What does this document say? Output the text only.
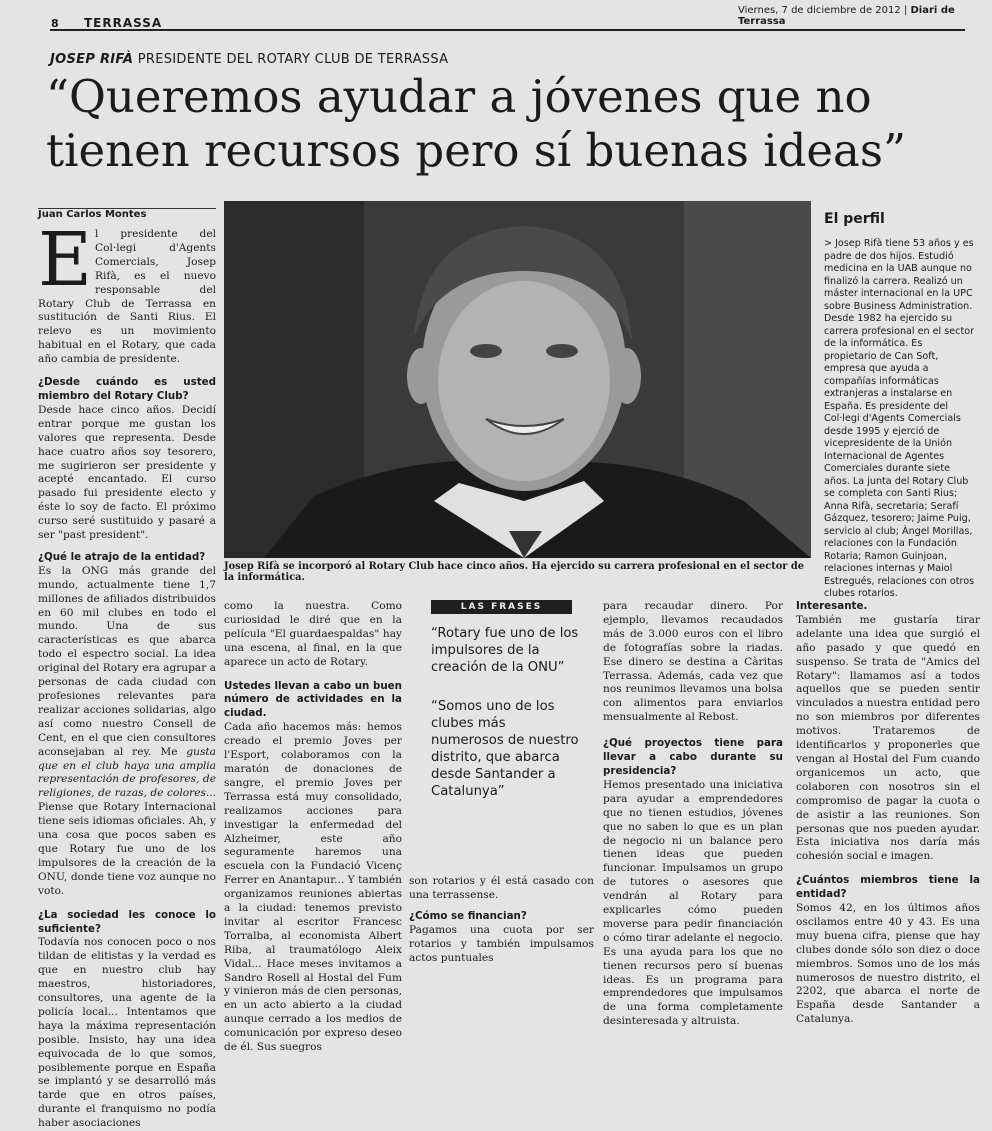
8 TERRASSA
Viernes, 7 de diciembre de 2012 | Diari de Terrassa
JOSEP RIFÀ PRESIDENTE DEL ROTARY CLUB DE TERRASSA
“Queremos ayudar a jóvenes que no
tienen recursos pero sí buenas ideas”
Juan Carlos Montes
El presidente del Col·legi d'Agents Comercials, Josep Rifà, es el nuevo responsable del Rotary Club de Terrassa en sustitución de Santi Rius. El relevo es un movimiento habitual en el Rotary, que cada año cambia de presidente.
¿Desde cuándo es usted miembro del Rotary Club?

Desde hace cinco años. Decidí entrar porque me gustan los valores que representa. Desde hace cuatro años soy tesorero, me sugirieron ser presidente y acepté encantado. El curso pasado fui presidente electo y éste lo soy de facto. El próximo curso seré sustituido y pasaré a ser "past president".

¿Qué le atrajo de la entidad?

Es la ONG más grande del mundo, actualmente tiene 1,7 millones de afiliados distribuidos en 60 mil clubes en todo el mundo. Una de sus características es que abarca todo el espectro social. La idea original del Rotary era agrupar a personas de cada ciudad con profesiones relevantes para realizar acciones solidarias, algo así como nuestro Consell de Cent, en el que cien consultores aconsejaban al rey. Me gusta que en el club haya una amplia representación de profesores, de religiones, de razas, de colores... Piense que Rotary Internacional tiene seis idiomas oficiales. Ah, y una cosa que pocos saben es que Rotary fue uno de los impulsores de la creación de la ONU, donde tiene voz aunque no voto.

¿La sociedad les conoce lo suficiente?

Todavía nos conocen poco o nos tildan de elitistas y la verdad es que en nuestro club hay maestros, historiadores, consultores, una agente de la policía local... Intentamos que haya la máxima representación posible. Insisto, hay una idea equivocada de lo que somos, posiblemente porque en España se implantó y se desarrolló más tarde que en otros países, durante el franquismo no podía haber asociaciones

Josep Rifà se incorporó al Rotary Club hace cinco años. Ha ejercido su carrera profesional en el sector de la informática.
El perfil
> Josep Rifà tiene 53 años y es padre de dos hijos. Estudió medicina en la UAB aunque no finalizó la carrera. Realizó un máster internacional en la UPC sobre Business Administration. Desde 1982 ha ejercido su carrera profesional en el sector de la informática. Es propietario de Can Soft, empresa que ayuda a compañías informáticas extranjeras a instalarse en España. Es presidente del Col·legi d'Agents Comercials desde 1995 y ejerció de vicepresidente de la Unión Internacional de Agentes Comerciales durante siete años. La junta del Rotary Club se completa con Santi Rius; Anna Rifà, secretaria; Serafí Gázquez, tesorero; Jaime Puig, servicio al club; Àngel Morillas, relaciones con la Fundación Rotaria; Ramon Guinjoan, relaciones internas y Maiol Estregués, relaciones con otros clubes rotarios.

como la nuestra. Como curiosidad le diré que en la película "El guardaespaldas" hay una escena, al final, en la que aparece un acto de Rotary.

Ustedes llevan a cabo un buen número de actividades en la ciudad.

Cada año hacemos más: hemos creado el premio Joves per l'Esport, colaboramos con la maratón de donaciones de sangre, el premio Joves per Terrassa está muy consolidado, realizamos acciones para investigar la enfermedad del Alzheimer, este año seguramente haremos una escuela con la Fundació Vicenç Ferrer en Anantapur... Y también organizamos reuniones abiertas a la ciudad: tenemos previsto invitar al escritor Francesc Torralba, al economista Albert Riba, al traumatólogo Aleix Vidal... Hace meses invitamos a Sandro Rosell al Hostal del Fum y vinieron más de cien personas, en un acto abierto a la ciudad aunque cerrado a los medios de comunicación por expreso deseo de él. Sus suegros

LAS FRASES
“Rotary fue uno de los impulsores de la creación de la ONU”
“Somos uno de los clubes más numerosos de nuestro distrito, que abarca desde Santander a Catalunya”

son rotarios y él está casado con una terrassense.

¿Cómo se financian?

Pagamos una cuota por ser rotarios y también impulsamos actos puntuales

para recaudar dinero. Por ejemplo, llevamos recaudados más de 3.000 euros con el libro de fotografías sobre la riadas. Ese dinero se destina a Càritas Terrassa. Además, cada vez que nos reunimos llevamos una bolsa con alimentos para enviarlos mensualmente al Rebost.

¿Qué proyectos tiene para llevar a cabo durante su presidencia?

Hemos presentado una iniciativa para ayudar a emprendedores que no tienen estudios, jóvenes que no saben lo que es un plan de negocio ni un balance pero tienen ideas que pueden funcionar. Impulsamos un grupo de tutores o asesores que vendrán al Rotary para explicarles cómo pueden moverse para pedir financiación o cómo tirar adelante el negocio. Es una ayuda para los que no tienen recursos pero sí buenas ideas. Es un programa para emprendedores que impulsamos de una forma completamente desinteresada y altruista.

Interesante.

También me gustaría tirar adelante una idea que surgió el año pasado y que quedó en suspenso. Se trata de "Amics del Rotary": llamamos así a todos aquellos que se pueden sentir vinculados a nuestra entidad pero no son miembros por diferentes motivos. Trataremos de identificarlos y proponerles que vengan al Hostal del Fum cuando organicemos un acto, que colaboren con nosotros sin el compromiso de pagar la cuota o de asistir a las reuniones. Son personas que nos pueden ayudar. Esta iniciativa nos daría más cohesión social e imagen.

¿Cuántos miembros tiene la entidad?

Somos 42, en los últimos años oscilamos entre 40 y 43. Es una muy buena cifra, piense que hay clubes donde sólo son diez o doce miembros. Somos uno de los más numerosos de nuestro distrito, el 2202, que abarca el norte de España desde Santander a Catalunya.
